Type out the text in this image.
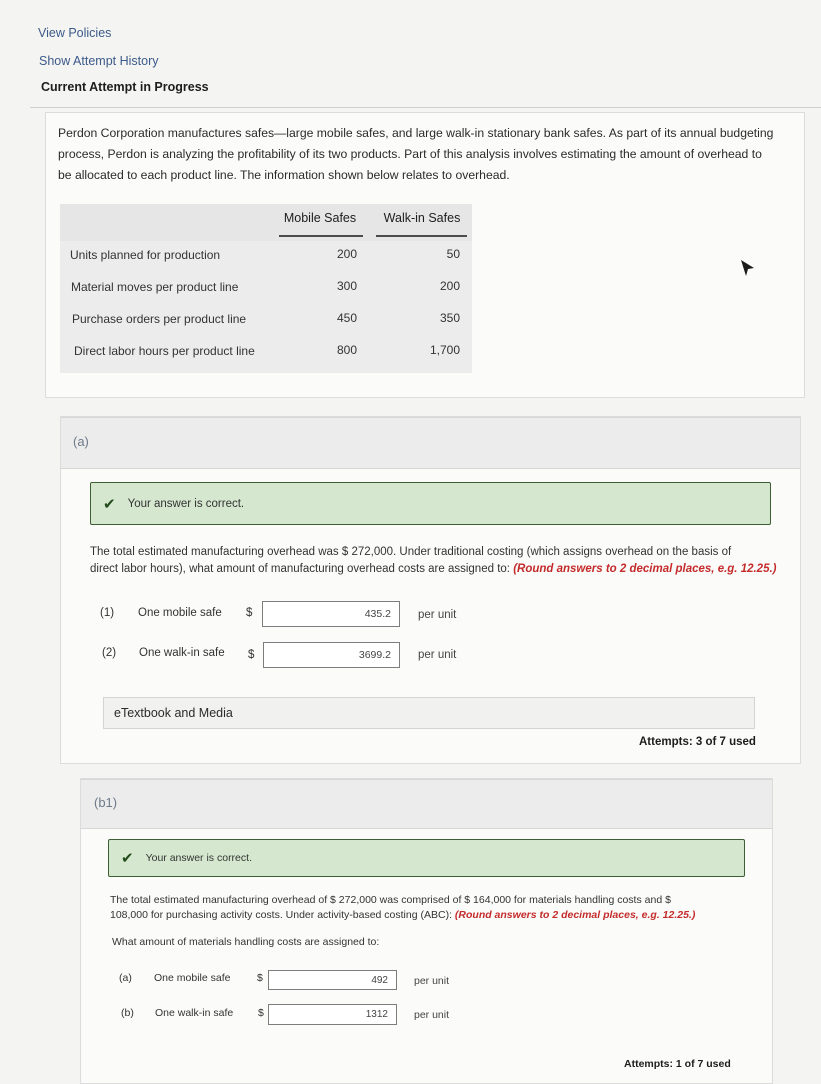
View Policies
Show Attempt History
Current Attempt in Progress
Perdon Corporation manufactures safes—large mobile safes, and large walk-in stationary bank safes. As part of its annual budgeting
process, Perdon is analyzing the profitability of its two products. Part of this analysis involves estimating the amount of overhead to
be allocated to each product line. The information shown below relates to overhead.
Mobile Safes	Walk-in Safes
Units planned for production	200	50
Material moves per product line	300	200
Purchase orders per product line	450	350
Direct labor hours per product line	800	1,700
(a)
✔ Your answer is correct.
The total estimated manufacturing overhead was $ 272,000. Under traditional costing (which assigns overhead on the basis of
direct labor hours), what amount of manufacturing overhead costs are assigned to: (Round answers to 2 decimal places, e.g. 12.25.)
(1) One mobile safe $	435.2	per unit
(2) One walk-in safe $	3699.2	per unit
eTextbook and Media
Attempts: 3 of 7 used
(b1)
✔ Your answer is correct.
The total estimated manufacturing overhead of $ 272,000 was comprised of $ 164,000 for materials handling costs and $
108,000 for purchasing activity costs. Under activity-based costing (ABC): (Round answers to 2 decimal places, e.g. 12.25.)
What amount of materials handling costs are assigned to:
(a) One mobile safe	$	492	per unit
(b) One walk-in safe $	1312	per unit
Attempts: 1 of 7 used
